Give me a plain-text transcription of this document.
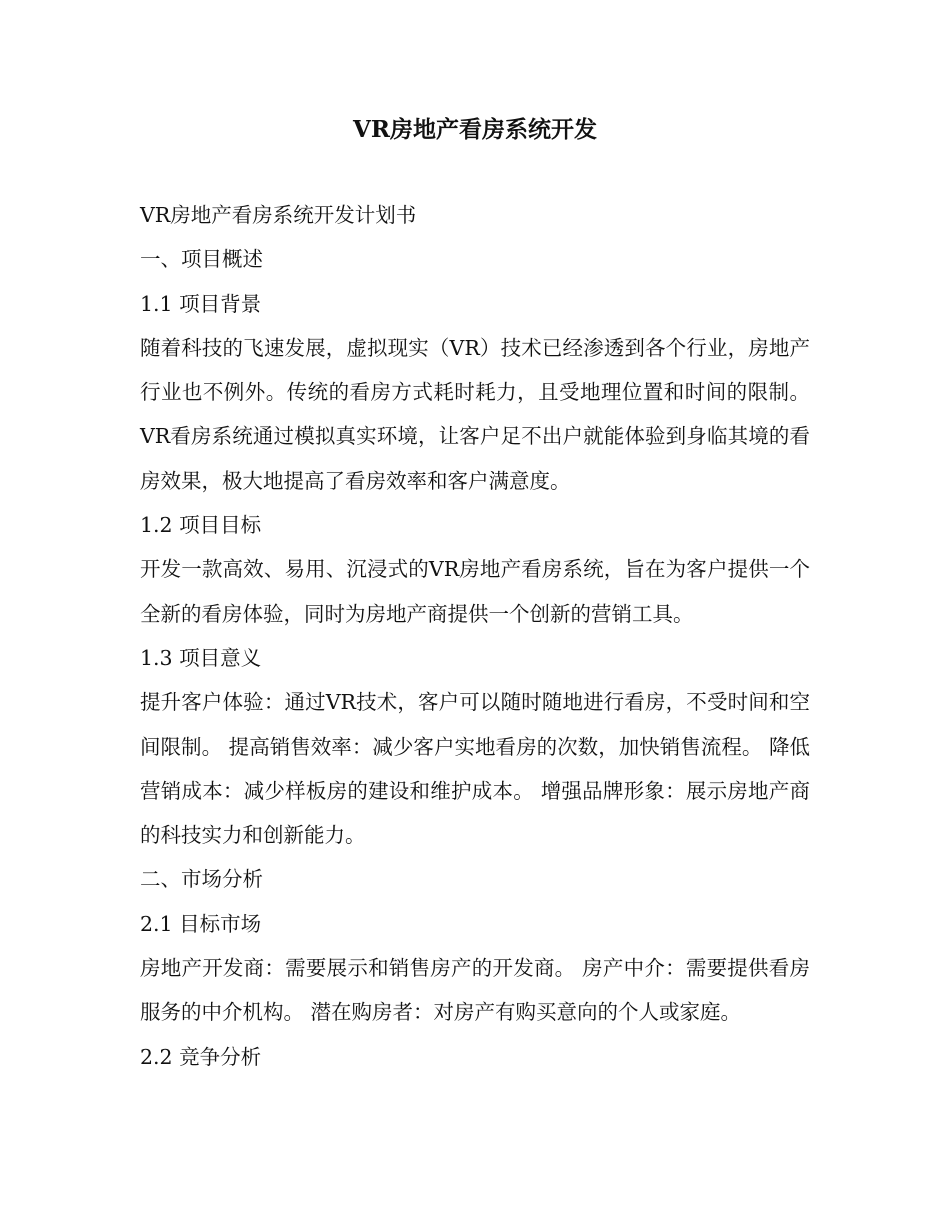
VR房地产看房系统开发

VR房地产看房系统开发计划书

一、项目概述

1.1 项目背景

随着科技的飞速发展，虚拟现实（VR）技术已经渗透到各个行业，房地产行业也不例外。传统的看房方式耗时耗力，且受地理位置和时间的限制。VR看房系统通过模拟真实环境，让客户足不出户就能体验到身临其境的看房效果，极大地提高了看房效率和客户满意度。

1.2 项目目标

开发一款高效、易用、沉浸式的VR房地产看房系统，旨在为客户提供一个全新的看房体验，同时为房地产商提供一个创新的营销工具。

1.3 项目意义

提升客户体验：通过VR技术，客户可以随时随地进行看房，不受时间和空间限制。 提高销售效率：减少客户实地看房的次数，加快销售流程。 降低营销成本：减少样板房的建设和维护成本。 增强品牌形象：展示房地产商的科技实力和创新能力。

二、市场分析

2.1 目标市场

房地产开发商：需要展示和销售房产的开发商。 房产中介：需要提供看房服务的中介机构。 潜在购房者：对房产有购买意向的个人或家庭。

2.2 竞争分析
